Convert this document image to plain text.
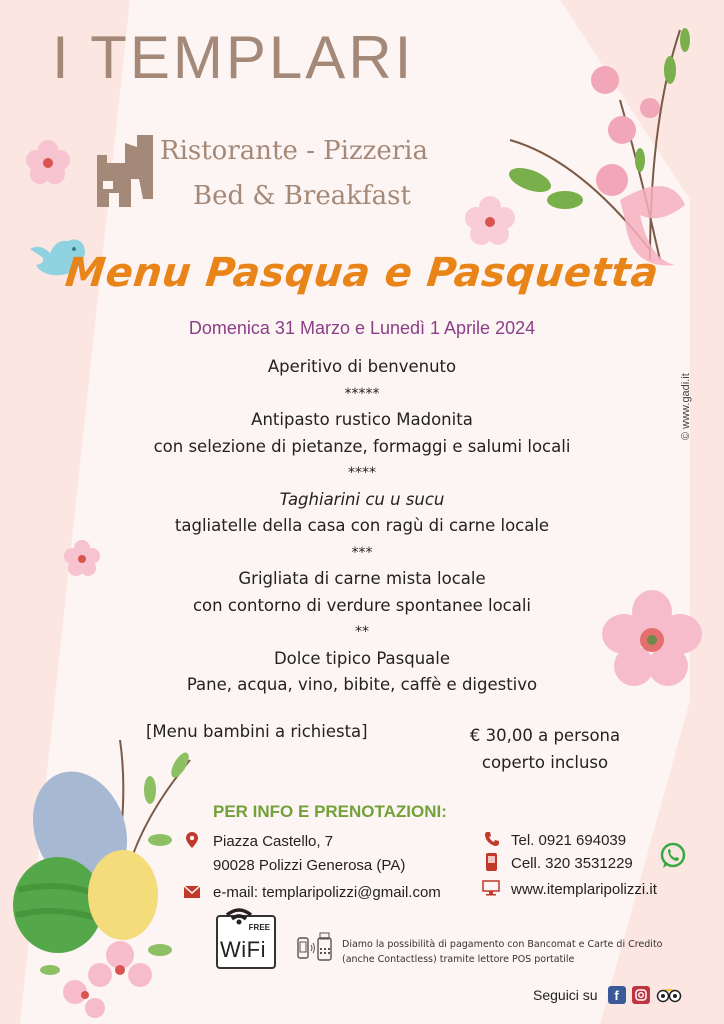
I TEMPLARI
Ristorante - Pizzeria
Bed & Breakfast
Menu Pasqua e Pasquetta
Domenica 31 Marzo e Lunedì 1 Aprile 2024
Aperitivo di benvenuto
*****
Antipasto rustico Madonita
con selezione di pietanze, formaggi e salumi locali
****
Taghiarini cu u sucu
tagliatelle della casa con ragù di carne locale
***
Grigliata di carne mista locale
con contorno di verdure spontanee locali
**
Dolce tipico Pasquale
Pane, acqua, vino, bibite, caffè e digestivo
[Menu bambini a richiesta]	€ 30,00 a persona
coperto incluso
PER INFO E PRENOTAZIONI:
Piazza Castello, 7
90028 Polizzi Generosa (PA)
e-mail: templaripolizzi@gmail.com
Tel. 0921 694039
Cell. 320 3531229
www.itemplaripolizzi.it
FREE
WiFi	Diamo la possibilità di pagamento con Bancomat e Carte di Credito
(anche Contactless) tramite lettore POS portatile
Seguici su	f
© www.gadi.it
